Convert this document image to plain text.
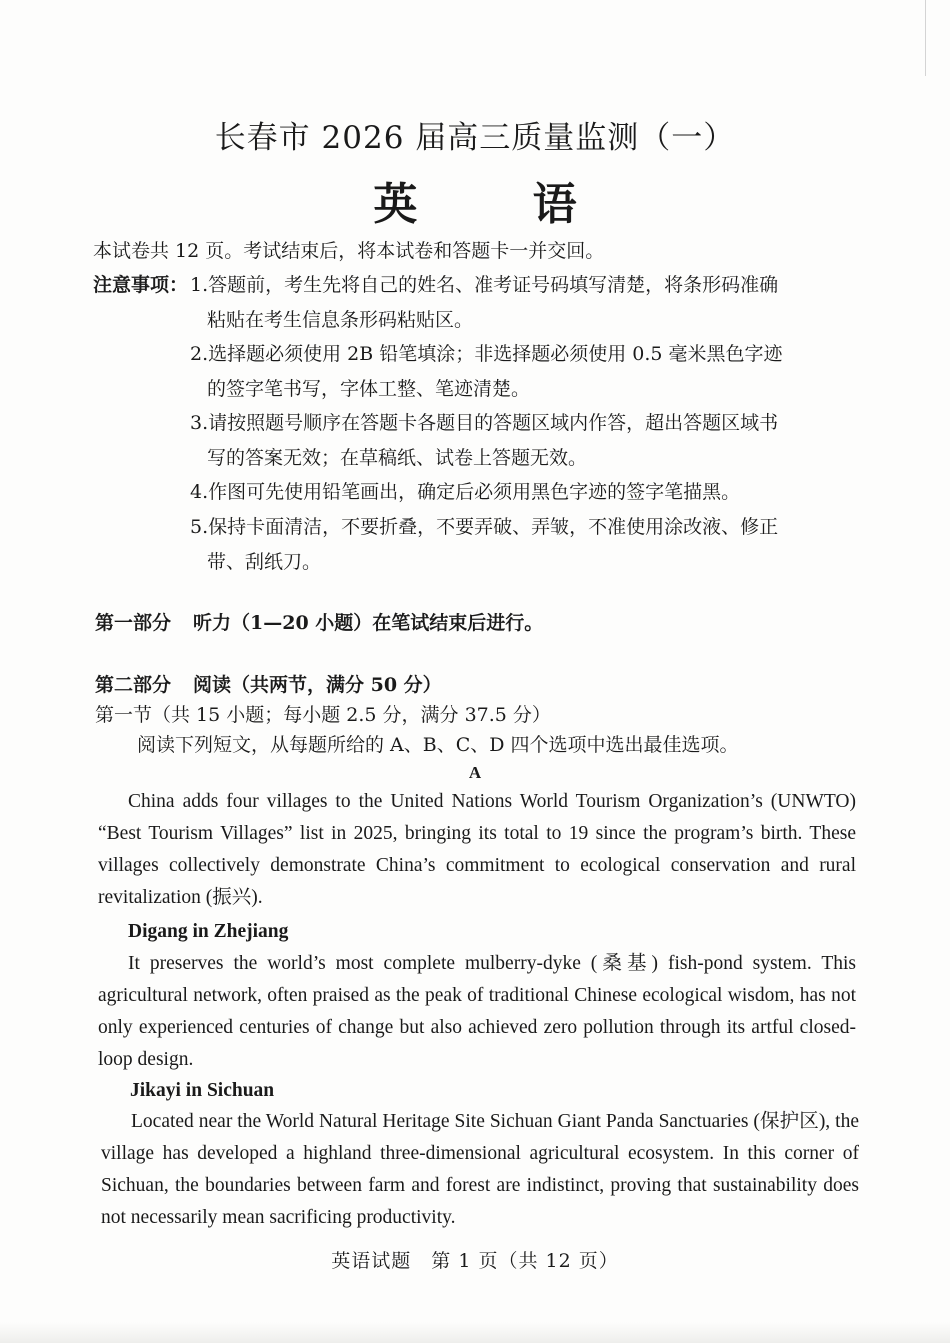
长春市 2026 届高三质量监测（一）
英 语
本试卷共 12 页。考试结束后，将本试卷和答题卡一并交回。
注意事项： 1.答题前，考生先将自己的姓名、准考证号码填写清楚，将条形码准确
粘贴在考生信息条形码粘贴区。
2.选择题必须使用 2B 铅笔填涂；非选择题必须使用 0.5 毫米黑色字迹
的签字笔书写，字体工整、笔迹清楚。
3.请按照题号顺序在答题卡各题目的答题区域内作答，超出答题区域书
写的答案无效；在草稿纸、试卷上答题无效。
4.作图可先使用铅笔画出，确定后必须用黑色字迹的签字笔描黑。
5.保持卡面清洁，不要折叠，不要弄破、弄皱，不准使用涂改液、修正
带、刮纸刀。
第一部分 听力（1—20 小题）在笔试结束后进行。
第二部分 阅读（共两节，满分 50 分）
第一节（共 15 小题；每小题 2.5 分，满分 37.5 分）
阅读下列短文，从每题所给的 A、B、C、D 四个选项中选出最佳选项。
A

China adds four villages to the United Nations World Tourism Organization’s (UNWTO) “Best Tourism Villages” list in 2025, bringing its total to 19 since the program’s birth. These villages collectively demonstrate China’s commitment to ecological conservation and rural revitalization (振兴).

Digang in Zhejiang

It preserves the world’s most complete mulberry-dyke (桑基) fish-pond system. This agricultural network, often praised as the peak of traditional Chinese ecological wisdom, has not only experienced centuries of change but also achieved zero pollution through its artful closed-loop design.

Jikayi in Sichuan

Located near the World Natural Heritage Site Sichuan Giant Panda Sanctuaries (保护区), the village has developed a highland three-dimensional agricultural ecosystem. In this corner of Sichuan, the boundaries between farm and forest are indistinct, proving that sustainability does not necessarily mean sacrificing productivity.

英语试题　第 1 页（共 12 页）
